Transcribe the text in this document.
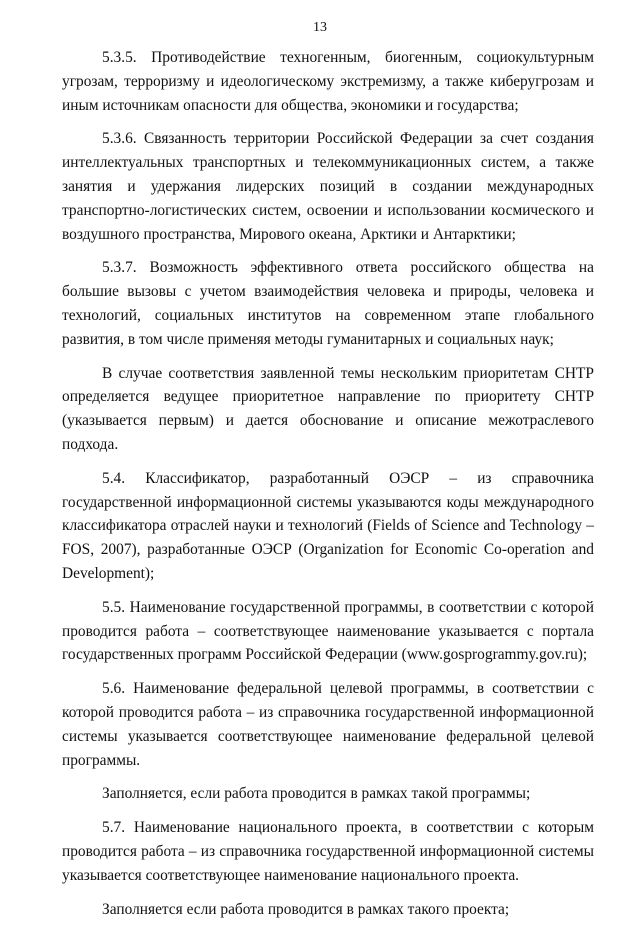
13

5.3.5. Противодействие техногенным, биогенным, социокультурным угрозам, терроризму и идеологическому экстремизму, а также киберугрозам и иным источникам опасности для общества, экономики и государства;

5.3.6. Связанность территории Российской Федерации за счет создания интеллектуальных транспортных и телекоммуникационных систем, а также занятия и удержания лидерских позиций в создании международных транспортно-логистических систем, освоении и использовании космического и воздушного пространства, Мирового океана, Арктики и Антарктики;

5.3.7. Возможность эффективного ответа российского общества на большие вызовы с учетом взаимодействия человека и природы, человека и технологий, социальных институтов на современном этапе глобального развития, в том числе применяя методы гуманитарных и социальных наук;

В случае соответствия заявленной темы нескольким приоритетам СНТР определяется ведущее приоритетное направление по приоритету СНТР (указывается первым) и дается обоснование и описание межотраслевого подхода.

5.4. Классификатор, разработанный ОЭСР – из справочника государственной информационной системы указываются коды международного классификатора отраслей науки и технологий (Fields of Science and Technology – FOS, 2007), разработанные ОЭСР (Organization for Economic Co-operation and Development);

5.5. Наименование государственной программы, в соответствии с которой проводится работа – соответствующее наименование указывается с портала государственных программ Российской Федерации (www.gosprogrammy.gov.ru);

5.6. Наименование федеральной целевой программы, в соответствии с которой проводится работа – из справочника государственной информационной системы указывается соответствующее наименование федеральной целевой программы.

Заполняется, если работа проводится в рамках такой программы;

5.7. Наименование национального проекта, в соответствии с которым проводится работа – из справочника государственной информационной системы указывается соответствующее наименование национального проекта.

Заполняется если работа проводится в рамках такого проекта;
